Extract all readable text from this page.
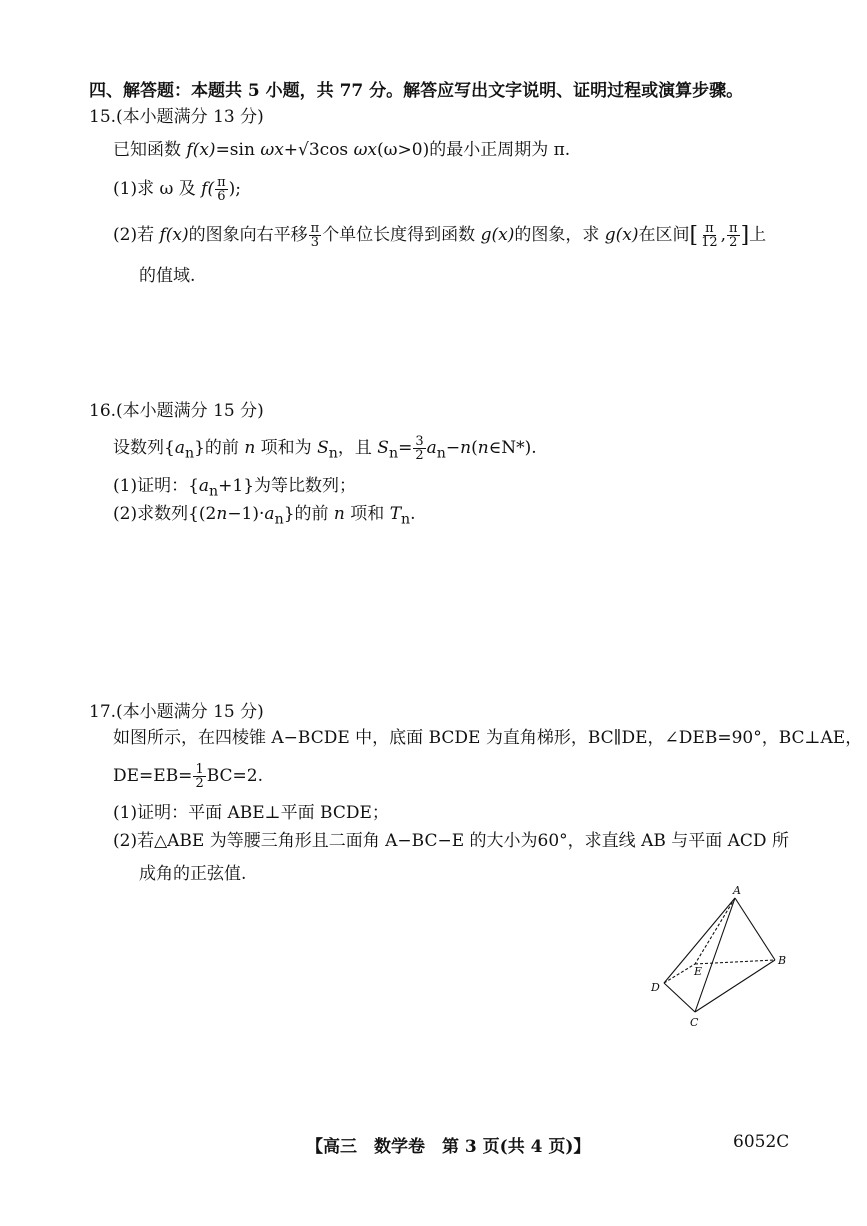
四、解答题：本题共 5 小题，共 77 分。解答应写出文字说明、证明过程或演算步骤。
15.(本小题满分 13 分)
已知函数 f(x)=sin ωx+√3cos ωx(ω>0)的最小正周期为 π.
(1)求 ω 及 $f( \frac{\pi}{6}$ );
(2)若 f(x)的图象向右平移 $\frac{\pi}{3}$ 个单位长度得到函数 g(x)的图象，求 g(x)在区间[ $\frac{\pi}{12}$ , $\frac{\pi}{2}$ ]上
的值域.
16.(本小题满分 15 分)
设数列$\{a_n\}$的前 n 项和为 $S_n$，且 $S_n= \frac{3}{2}$ $a_n-n(n\in N*)$.
(1)证明：$\{a_n+1\}$为等比数列；
(2)求数列$\{(2n-1)\cdot a_n\}$的前 n 项和 $T_n$.
17.(本小题满分 15 分)
如图所示，在四棱锥 A−BCDE 中，底面 BCDE 为直角梯形，BC∥DE，∠DEB=90°，BC⊥AE，
$DE=EB= \frac{1}{2} BC=2$.
(1)证明：平面 ABE⊥平面 BCDE；
(2)若△ABE 为等腰三角形且二面角 A−BC−E 的大小为60°，求直线 AB 与平面 ACD 所
成角的正弦值.
A
B
C
D
E
【高三　数学卷　第 3 页(共 4 页)】	6052C
